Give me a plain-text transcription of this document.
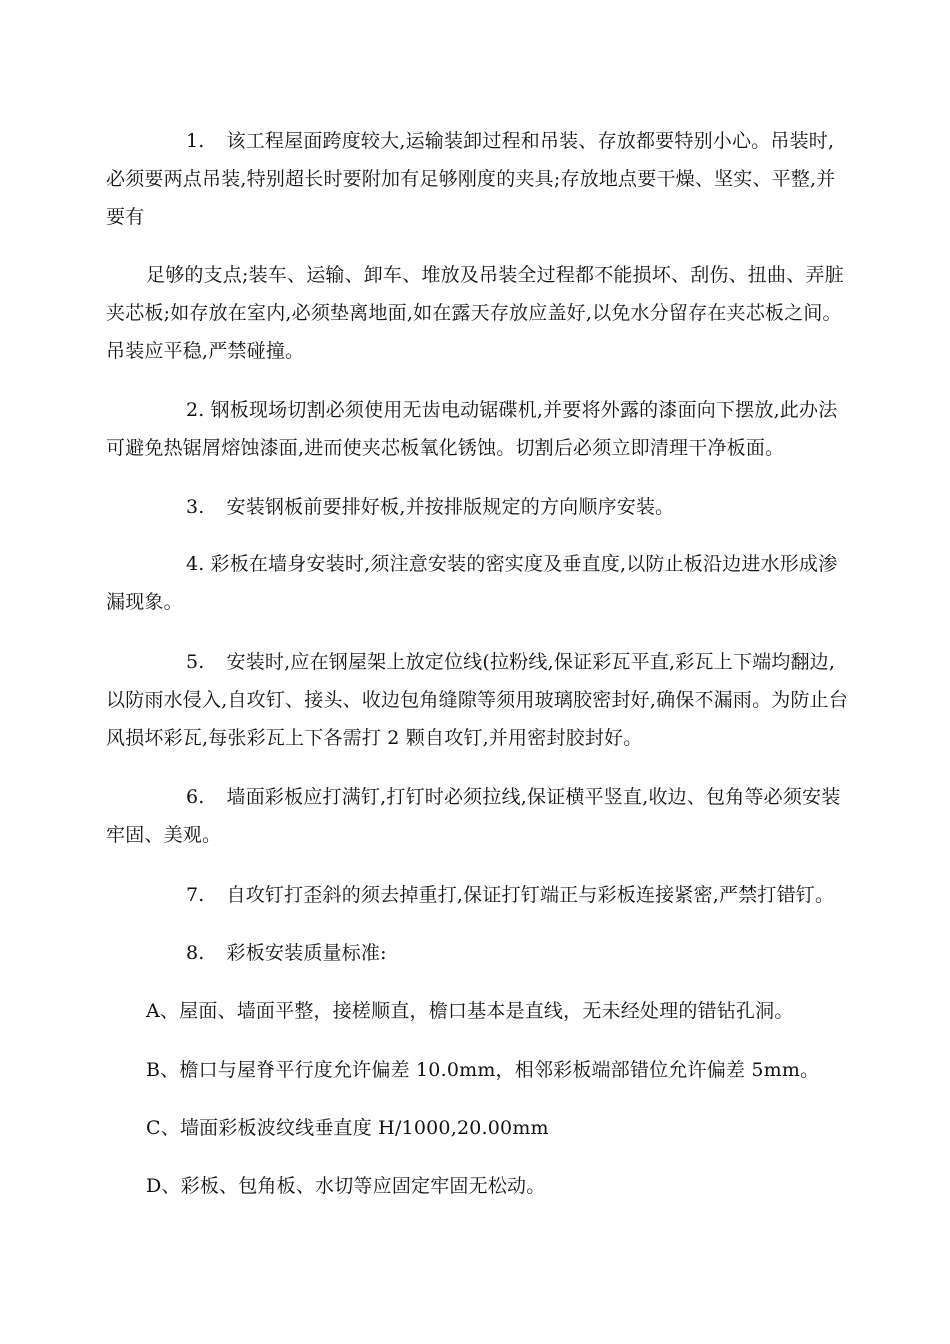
1. 该工程屋面跨度较大,运输装卸过程和吊装、存放都要特别小心。吊装时,必须要两点吊装,特别超长时要附加有足够刚度的夹具;存放地点要干燥、坚实、平整,并要有

足够的支点;装车、运输、卸车、堆放及吊装全过程都不能损坏、刮伤、扭曲、弄脏夹芯板;如存放在室内,必须垫离地面,如在露天存放应盖好,以免水分留存在夹芯板之间。吊装应平稳,严禁碰撞。

2. 钢板现场切割必须使用无齿电动锯碟机,并要将外露的漆面向下摆放,此办法可避免热锯屑熔蚀漆面,进而使夹芯板氧化锈蚀。切割后必须立即清理干净板面。

3. 安装钢板前要排好板,并按排版规定的方向顺序安装。

4. 彩板在墙身安装时,须注意安装的密实度及垂直度,以防止板沿边进水形成渗漏现象。

5. 安装时,应在钢屋架上放定位线(拉粉线,保证彩瓦平直,彩瓦上下端均翻边,以防雨水侵入,自攻钉、接头、收边包角缝隙等须用玻璃胶密封好,确保不漏雨。为防止台风损坏彩瓦,每张彩瓦上下各需打 2 颗自攻钉,并用密封胶封好。

6. 墙面彩板应打满钉,打钉时必须拉线,保证横平竖直,收边、包角等必须安装牢固、美观。

7. 自攻钉打歪斜的须去掉重打,保证打钉端正与彩板连接紧密,严禁打错钉。

8. 彩板安装质量标准:

A、屋面、墙面平整，接槎顺直，檐口基本是直线，无未经处理的错钻孔洞。

B、檐口与屋脊平行度允许偏差 10.0mm，相邻彩板端部错位允许偏差 5mm。

C、墙面彩板波纹线垂直度 H/1000,20.00mm

D、彩板、包角板、水切等应固定牢固无松动。
